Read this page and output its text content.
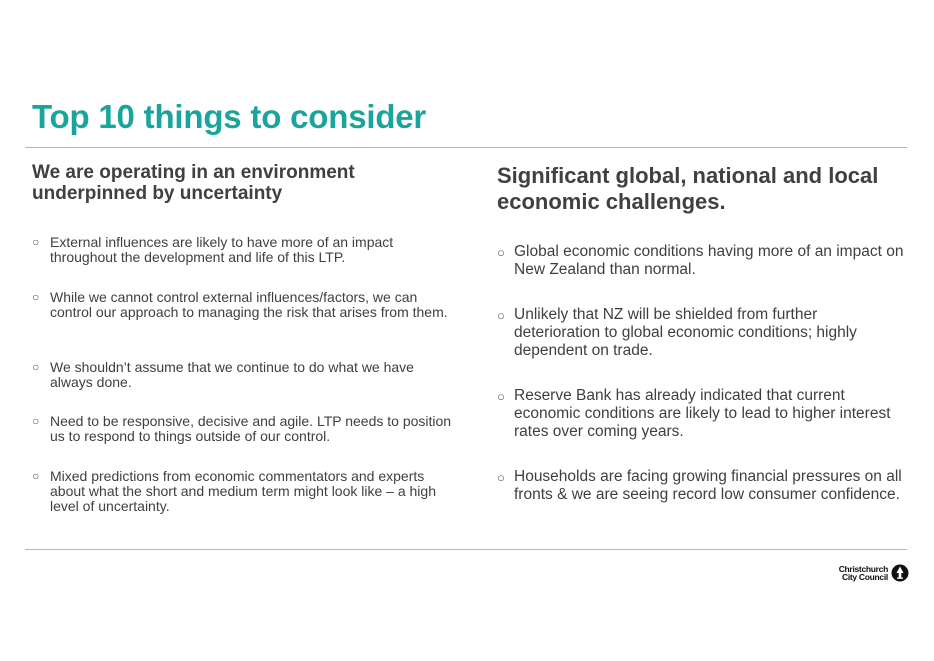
Top 10 things to consider
We are operating in an environment underpinned by uncertainty
○ External influences are likely to have more of an impact throughout the development and life of this LTP.
○ While we cannot control external influences/factors, we can control our approach to managing the risk that arises from them.
○ We shouldn’t assume that we continue to do what we have always done.
○ Need to be responsive, decisive and agile. LTP needs to position us to respond to things outside of our control.
○ Mixed predictions from economic commentators and experts about what the short and medium term might look like – a high level of uncertainty.
Significant global, national and local economic challenges.
○ Global economic conditions having more of an impact on New Zealand than normal.
○ Unlikely that NZ will be shielded from further deterioration to global economic conditions; highly dependent on trade.
○ Reserve Bank has already indicated that current economic conditions are likely to lead to higher interest rates over coming years.
○ Households are facing growing financial pressures on all fronts & we are seeing record low consumer confidence.
Christchurch
City Council
